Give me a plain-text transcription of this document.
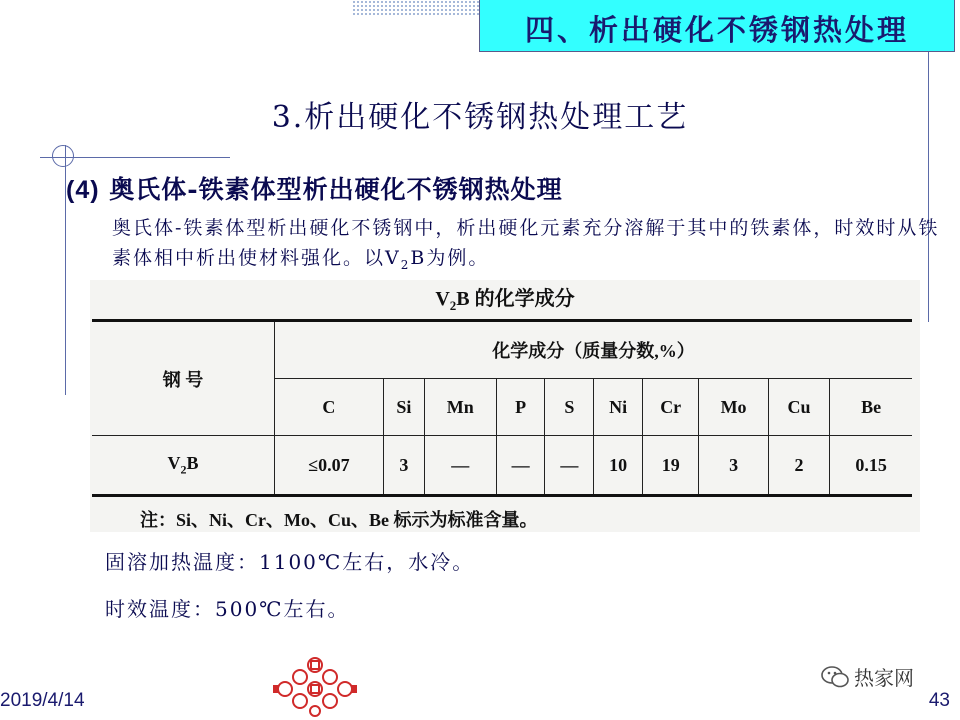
四、析出硬化不锈钢热处理
3.析出硬化不锈钢热处理工艺
(4) 奥氏体-铁素体型析出硬化不锈钢热处理
奥氏体-铁素体型析出硬化不锈钢中，析出硬化元素充分溶解于其中的铁素体，时效时从铁素体相中析出使材料强化。以$V_2B$为例。
$V_2B$ 的化学成分
钢 号	化学成分（质量分数,%）									
	C	Si	Mn	P	S	Ni	Cr	Mo	Cu	Be
$V_2B$	≤0.07	3	—	—	—	10	19	3	2	0.15
注：Si、Ni、Cr、Mo、Cu、Be 标示为标准含量。
固溶加热温度：1100℃左右，水冷。
时效温度：500℃左右。
2019/4/14
热家网
43
